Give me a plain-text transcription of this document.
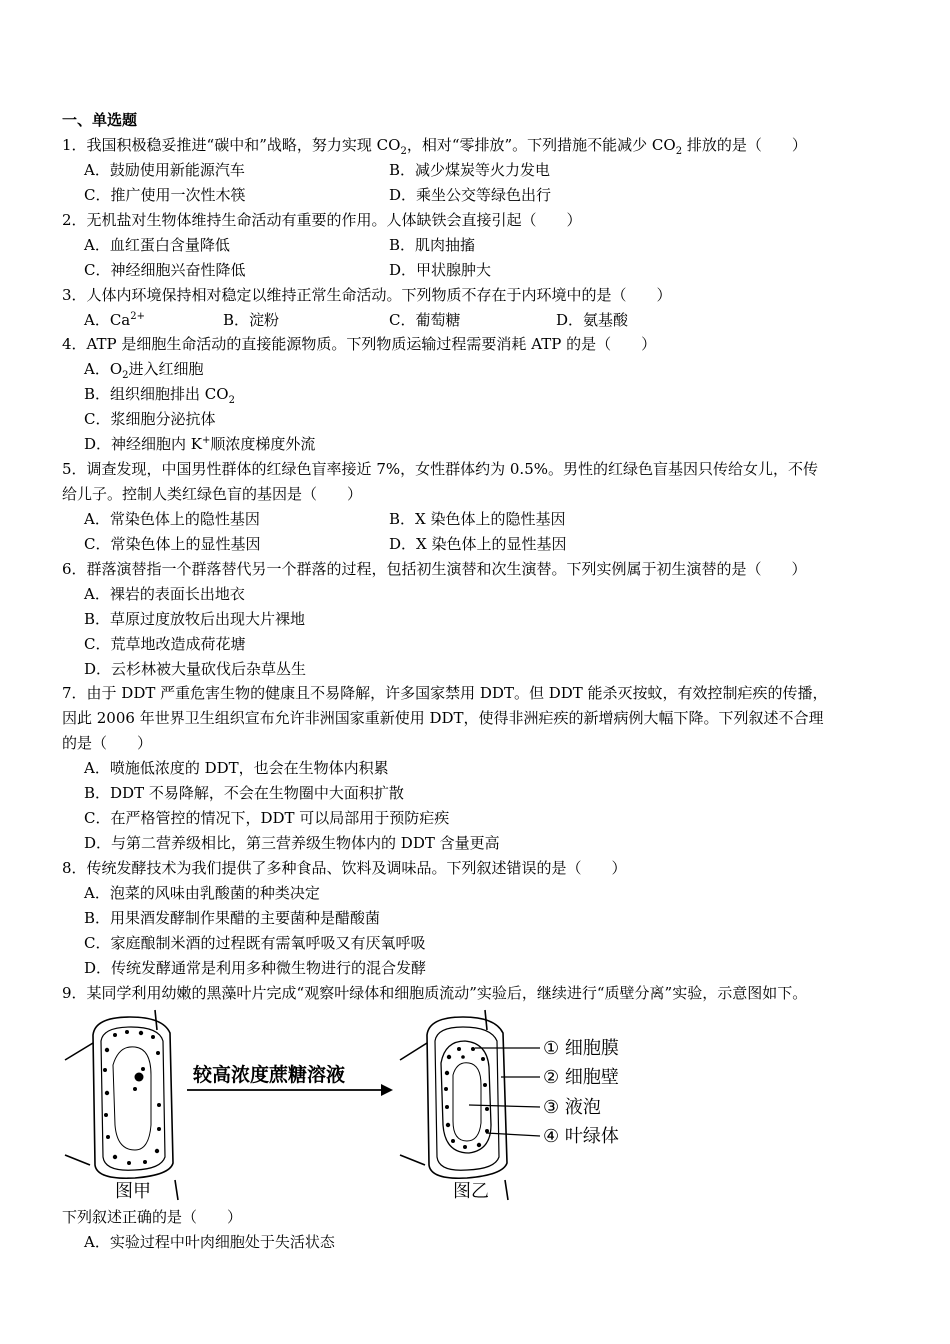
一、单选题
1．我国积极稳妥推进“碳中和”战略，努力实现 $CO_2$，相对“零排放”。下列措施不能减少 $CO_2$ 排放的是（　　）
A．鼓励使用新能源汽车	B．减少煤炭等火力发电
C．推广使用一次性木筷	D．乘坐公交等绿色出行
2．无机盐对生物体维持生命活动有重要的作用。人体缺铁会直接引起（　　）
A．血红蛋白含量降低	B．肌肉抽搐
C．神经细胞兴奋性降低	D．甲状腺肿大
3．人体内环境保持相对稳定以维持正常生命活动。下列物质不存在于内环境中的是（　　）
A．$Ca^{2+}$	B．淀粉	C．葡萄糖	D．氨基酸
4．ATP 是细胞生命活动的直接能源物质。下列物质运输过程需要消耗 ATP 的是（　　）
A．$O_2$进入红细胞
B．组织细胞排出 $CO_2$
C．浆细胞分泌抗体
D．神经细胞内 K+顺浓度梯度外流
5．调查发现，中国男性群体的红绿色盲率接近 7%，女性群体约为 0.5%。男性的红绿色盲基因只传给女儿，不传
给儿子。控制人类红绿色盲的基因是（　　）
A．常染色体上的隐性基因	B．X 染色体上的隐性基因
C．常染色体上的显性基因	D．X 染色体上的显性基因
6．群落演替指一个群落替代另一个群落的过程，包括初生演替和次生演替。下列实例属于初生演替的是（　　）
A．裸岩的表面长出地衣
B．草原过度放牧后出现大片裸地
C．荒草地改造成荷花塘
D．云杉林被大量砍伐后杂草丛生
7．由于 DDT 严重危害生物的健康且不易降解，许多国家禁用 DDT。但 DDT 能杀灭按蚊，有效控制疟疾的传播，
因此 2006 年世界卫生组织宣布允许非洲国家重新使用 DDT，使得非洲疟疾的新增病例大幅下降。下列叙述不合理
的是（　　）
A．喷施低浓度的 DDT，也会在生物体内积累
B．DDT 不易降解，不会在生物圈中大面积扩散
C．在严格管控的情况下，DDT 可以局部用于预防疟疾
D．与第二营养级相比，第三营养级生物体内的 DDT 含量更高
8．传统发酵技术为我们提供了多种食品、饮料及调味品。下列叙述错误的是（　　）
A．泡菜的风味由乳酸菌的种类决定
B．用果酒发酵制作果醋的主要菌种是醋酸菌
C．家庭酿制米酒的过程既有需氧呼吸又有厌氧呼吸
D．传统发酵通常是利用多种微生物进行的混合发酵
9．某同学利用幼嫩的黑藻叶片完成“观察叶绿体和细胞质流动”实验后，继续进行“质壁分离”实验，示意图如下。
较高浓度蔗糖溶液
① 细胞膜
② 细胞壁
③ 液泡
④ 叶绿体
图甲	图乙
下列叙述正确的是（　　）
A．实验过程中叶肉细胞处于失活状态
